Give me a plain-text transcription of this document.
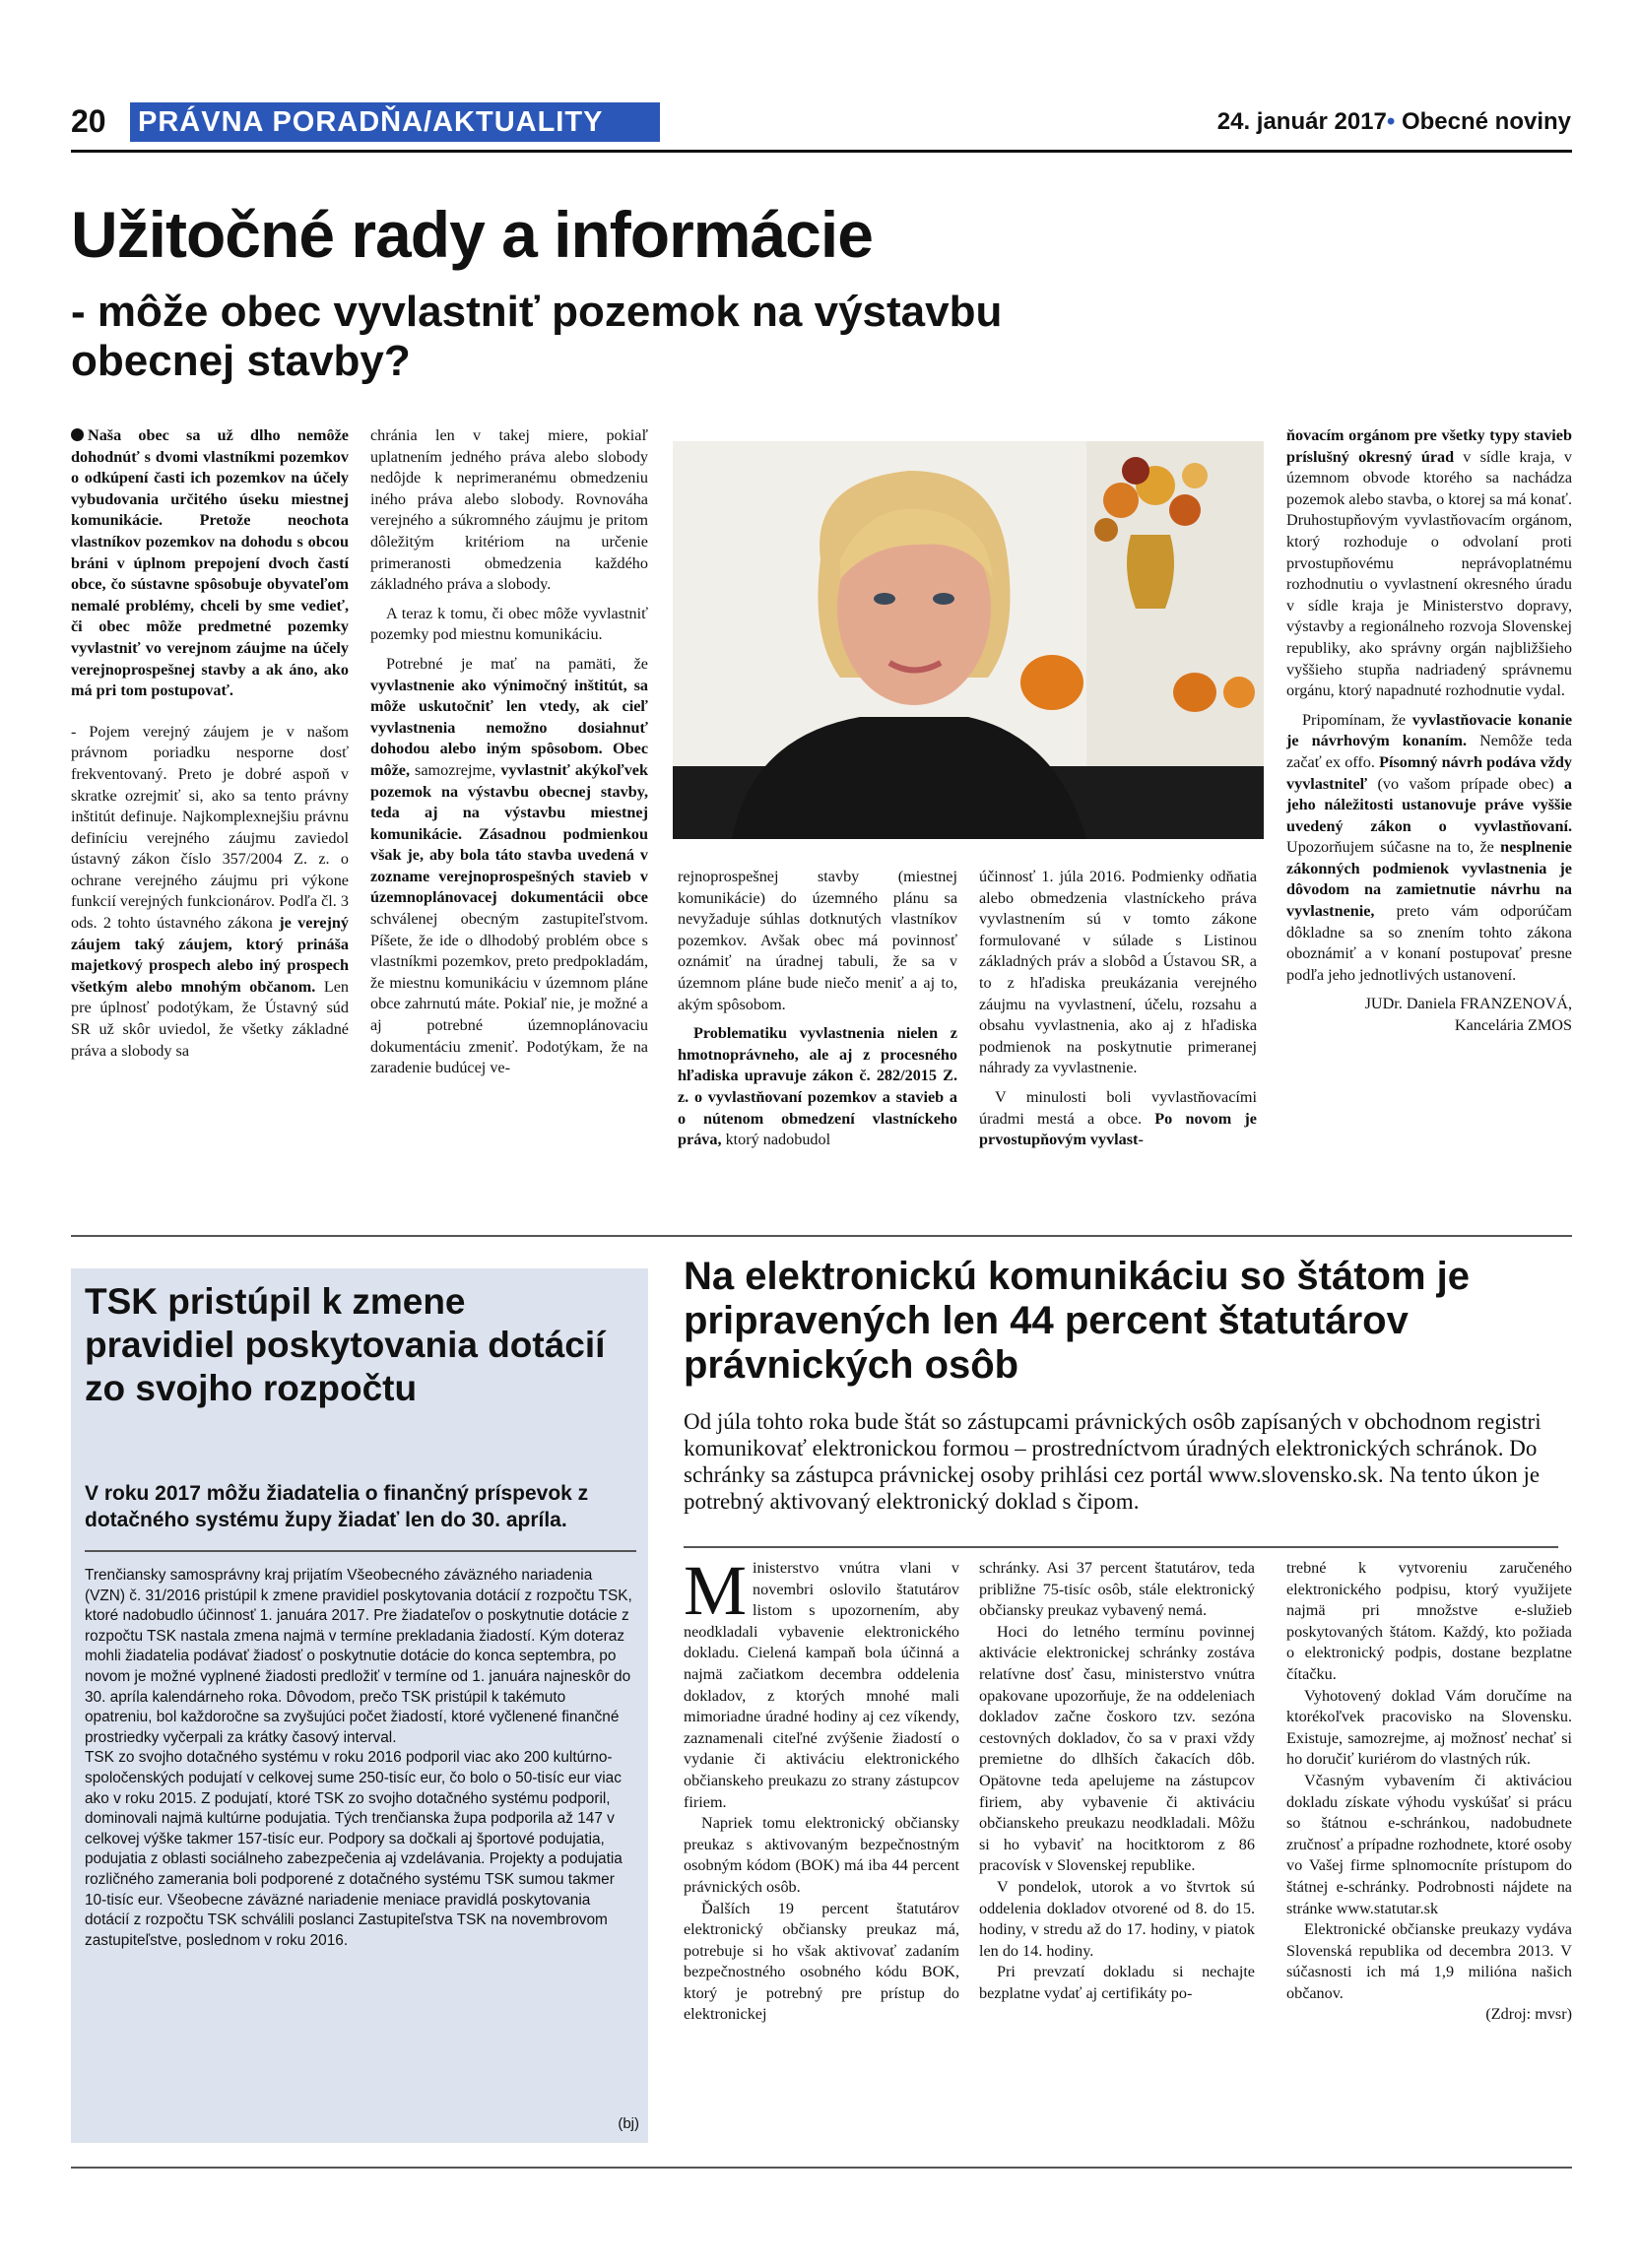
20 PRÁVNA PORADŇA/AKTUALITY	24. január 2017• Obecné noviny
Užitočné rady a informácie
- môže obec vyvlastniť pozemok na výstavbu obecnej stavby?

Naša obec sa už dlho nemôže dohodnúť s dvomi vlastníkmi pozemkov o odkúpení časti ich pozemkov na účely vybudovania určitého úseku miestnej komunikácie. Pretože neochota vlastníkov pozemkov na dohodu s obcou bráni v úplnom prepojení dvoch častí obce, čo sústavne spôsobuje obyvateľom nemalé problémy, chceli by sme vedieť, či obec môže predmetné pozemky vyvlastniť vo verejnom záujme na účely verejnoprospešnej stavby a ak áno, ako má pri tom postupovať.

- Pojem verejný záujem je v našom právnom poriadku nesporne dosť frekventovaný. Preto je dobré aspoň v skratke ozrejmiť si, ako sa tento právny inštitút definuje. Najkomplexnejšiu právnu definíciu verejného záujmu zaviedol ústavný zákon číslo 357/2004 Z. z. o ochrane verejného záujmu pri výkone funkcií verejných funkcionárov. Podľa čl. 3 ods. 2 tohto ústavného zákona je verejný záujem taký záujem, ktorý prináša majetkový prospech alebo iný prospech všetkým alebo mnohým občanom. Len pre úplnosť podotýkam, že Ústavný súd SR už skôr uviedol, že všetky základné práva a slobody sa

chránia len v takej miere, pokiaľ uplatnením jedného práva alebo slobody nedôjde k neprimeranému obmedzeniu iného práva alebo slobody. Rovnováha verejného a súkromného záujmu je pritom dôležitým kritériom na určenie primeranosti obmedzenia každého základného práva a slobody.

A teraz k tomu, či obec môže vyvlastniť pozemky pod miestnu komunikáciu.

Potrebné je mať na pamäti, že vyvlastnenie ako výnimočný inštitút, sa môže uskutočniť len vtedy, ak cieľ vyvlastnenia nemožno dosiahnuť dohodou alebo iným spôsobom. Obec môže, samozrejme, vyvlastniť akýkoľvek pozemok na výstavbu obecnej stavby, teda aj na výstavbu miestnej komunikácie. Zásadnou podmienkou však je, aby bola táto stavba uvedená v zozname verejnoprospešných stavieb v územnoplánovacej dokumentácii obce schválenej obecným zastupiteľstvom. Píšete, že ide o dlhodobý problém obce s vlastníkmi pozemkov, preto predpokladám, že miestnu komunikáciu v územnom pláne obce zahrnutú máte. Pokiaľ nie, je možné a aj potrebné územnoplánovaciu dokumentáciu zmeniť. Podotýkam, že na zaradenie budúcej ve-

rejnoprospešnej stavby (miestnej komunikácie) do územného plánu sa nevyžaduje súhlas dotknutých vlastníkov pozemkov. Avšak obec má povinnosť oznámiť na úradnej tabuli, že sa v územnom pláne bude niečo meniť a aj to, akým spôsobom.

Problematiku vyvlastnenia nielen z hmotnoprávneho, ale aj z procesného hľadiska upravuje zákon č. 282/2015 Z. z. o vyvlastňovaní pozemkov a stavieb a o nútenom obmedzení vlastníckeho práva, ktorý nadobudol

účinnosť 1. júla 2016. Podmienky odňatia alebo obmedzenia vlastníckeho práva vyvlastnením sú v tomto zákone formulované v súlade s Listinou základných práv a slobôd a Ústavou SR, a to z hľadiska preukázania verejného záujmu na vyvlastnení, účelu, rozsahu a obsahu vyvlastnenia, ako aj z hľadiska podmienok na poskytnutie primeranej náhrady za vyvlastnenie.

V minulosti boli vyvlastňovacími úradmi mestá a obce. Po novom je prvostupňovým vyvlast-

ňovacím orgánom pre všetky typy stavieb príslušný okresný úrad v sídle kraja, v územnom obvode ktorého sa nachádza pozemok alebo stavba, o ktorej sa má konať. Druhostupňovým vyvlastňovacím orgánom, ktorý rozhoduje o odvolaní proti prvostupňovému neprávoplatnému rozhodnutiu o vyvlastnení okresného úradu v sídle kraja je Ministerstvo dopravy, výstavby a regionálneho rozvoja Slovenskej republiky, ako správny orgán najbližšieho vyššieho stupňa nadriadený správnemu orgánu, ktorý napadnuté rozhodnutie vydal.

Pripomínam, že vyvlastňovacie konanie je návrhovým konaním. Nemôže teda začať ex offo. Písomný návrh podáva vždy vyvlastniteľ (vo vašom prípade obec) a jeho náležitosti ustanovuje práve vyššie uvedený zákon o vyvlastňovaní. Upozorňujem súčasne na to, že nesplnenie zákonných podmienok vyvlastnenia je dôvodom na zamietnutie návrhu na vyvlastnenie, preto vám odporúčam dôkladne sa so znením tohto zákona oboznámiť a v konaní postupovať presne podľa jeho jednotlivých ustanovení.

JUDr. Daniela FRANZENOVÁ,

Kancelária ZMOS

TSK pristúpil k zmene pravidiel poskytovania dotácií zo svojho rozpočtu
V roku 2017 môžu žiadatelia o finančný príspevok z dotačného systému župy žiadať len do 30. apríla.

Trenčiansky samosprávny kraj prijatím Všeobecného záväzného nariadenia (VZN) č. 31/2016 pristúpil k zmene pravidiel poskytovania dotácií z rozpočtu TSK, ktoré nadobudlo účinnosť 1. januára 2017. Pre žiadateľov o poskytnutie dotácie z rozpočtu TSK nastala zmena najmä v termíne prekladania žiadostí. Kým doteraz mohli žiadatelia podávať žiadosť o poskytnutie dotácie do konca septembra, po novom je možné vyplnené žiadosti predložiť v termíne od 1. januára najneskôr do 30. apríla kalendárneho roka. Dôvodom, prečo TSK pristúpil k takémuto opatreniu, bol každoročne sa zvyšujúci počet žiadostí, ktoré vyčlenené finančné prostriedky vyčerpali za krátky časový interval.

TSK zo svojho dotačného systému v roku 2016 podporil viac ako 200 kultúrno-spoločenských podujatí v celkovej sume 250-tisíc eur, čo bolo o 50-tisíc eur viac ako v roku 2015. Z podujatí, ktoré TSK zo svojho dotačného systému podporil, dominovali najmä kultúrne podujatia. Tých trenčianska župa podporila až 147 v celkovej výške takmer 157-tisíc eur. Podpory sa dočkali aj športové podujatia, podujatia z oblasti sociálneho zabezpečenia aj vzdelávania. Projekty a podujatia rozličného zamerania boli podporené z dotačného systému TSK sumou takmer 10-tisíc eur. Všeobecne záväzné nariadenie meniace pravidlá poskytovania dotácií z rozpočtu TSK schválili poslanci Zastupiteľstva TSK na novembrovom zastupiteľstve, poslednom v roku 2016.

(bj)
Na elektronickú komunikáciu so štátom je pripravených len 44 percent štatutárov právnických osôb
Od júla tohto roka bude štát so zástupcami právnických osôb zapísaných v obchodnom registri komunikovať elektronickou formou – prostredníctvom úradných elektronických schránok. Do schránky sa zástupca právnickej osoby prihlási cez portál www.slovensko.sk. Na tento úkon je potrebný aktivovaný elektronický doklad s čipom.

Ministerstvo vnútra vlani v novembri oslovilo štatutárov listom s upozornením, aby neodkladali vybavenie elektronického dokladu. Cielená kampaň bola účinná a najmä začiatkom decembra oddelenia dokladov, z ktorých mnohé mali mimoriadne úradné hodiny aj cez víkendy, zaznamenali citeľné zvýšenie žiadostí o vydanie či aktiváciu elektronického občianskeho preukazu zo strany zástupcov firiem.

Napriek tomu elektronický občiansky preukaz s aktivovaným bezpečnostným osobným kódom (BOK) má iba 44 percent právnických osôb.

Ďalších 19 percent štatutárov elektronický občiansky preukaz má, potrebuje si ho však aktivovať zadaním bezpečnostného osobného kódu BOK, ktorý je potrebný pre prístup do elektronickej

schránky. Asi 37 percent štatutárov, teda približne 75-tisíc osôb, stále elektronický občiansky preukaz vybavený nemá.

Hoci do letného termínu povinnej aktivácie elektronickej schránky zostáva relatívne dosť času, ministerstvo vnútra opakovane upozorňuje, že na oddeleniach dokladov začne čoskoro tzv. sezóna cestovných dokladov, čo sa v praxi vždy premietne do dlhších čakacích dôb. Opätovne teda apelujeme na zástupcov firiem, aby vybavenie či aktiváciu občianskeho preukazu neodkladali. Môžu si ho vybaviť na hocitktorom z 86 pracovísk v Slovenskej republike.

V pondelok, utorok a vo štvrtok sú oddelenia dokladov otvorené od 8. do 15. hodiny, v stredu až do 17. hodiny, v piatok len do 14. hodiny.

Pri prevzatí dokladu si nechajte bezplatne vydať aj certifikáty po-

trebné k vytvoreniu zaručeného elektronického podpisu, ktorý využijete najmä pri množstve e-služieb poskytovaných štátom. Každý, kto požiada o elektronický podpis, dostane bezplatne čítačku.

Vyhotovený doklad Vám doručíme na ktorékoľvek pracovisko na Slovensku. Existuje, samozrejme, aj možnosť nechať si ho doručiť kuriérom do vlastných rúk.

Včasným vybavením či aktiváciou dokladu získate výhodu vyskúšať si prácu so štátnou e-schránkou, nadobudnete zručnosť a prípadne rozhodnete, ktoré osoby vo Vašej firme splnomocníte prístupom do štátnej e-schránky. Podrobnosti nájdete na stránke www.statutar.sk

Elektronické občianske preukazy vydáva Slovenská republika od decembra 2013. V súčasnosti ich má 1,9 milióna našich občanov.

(Zdroj: mvsr)
